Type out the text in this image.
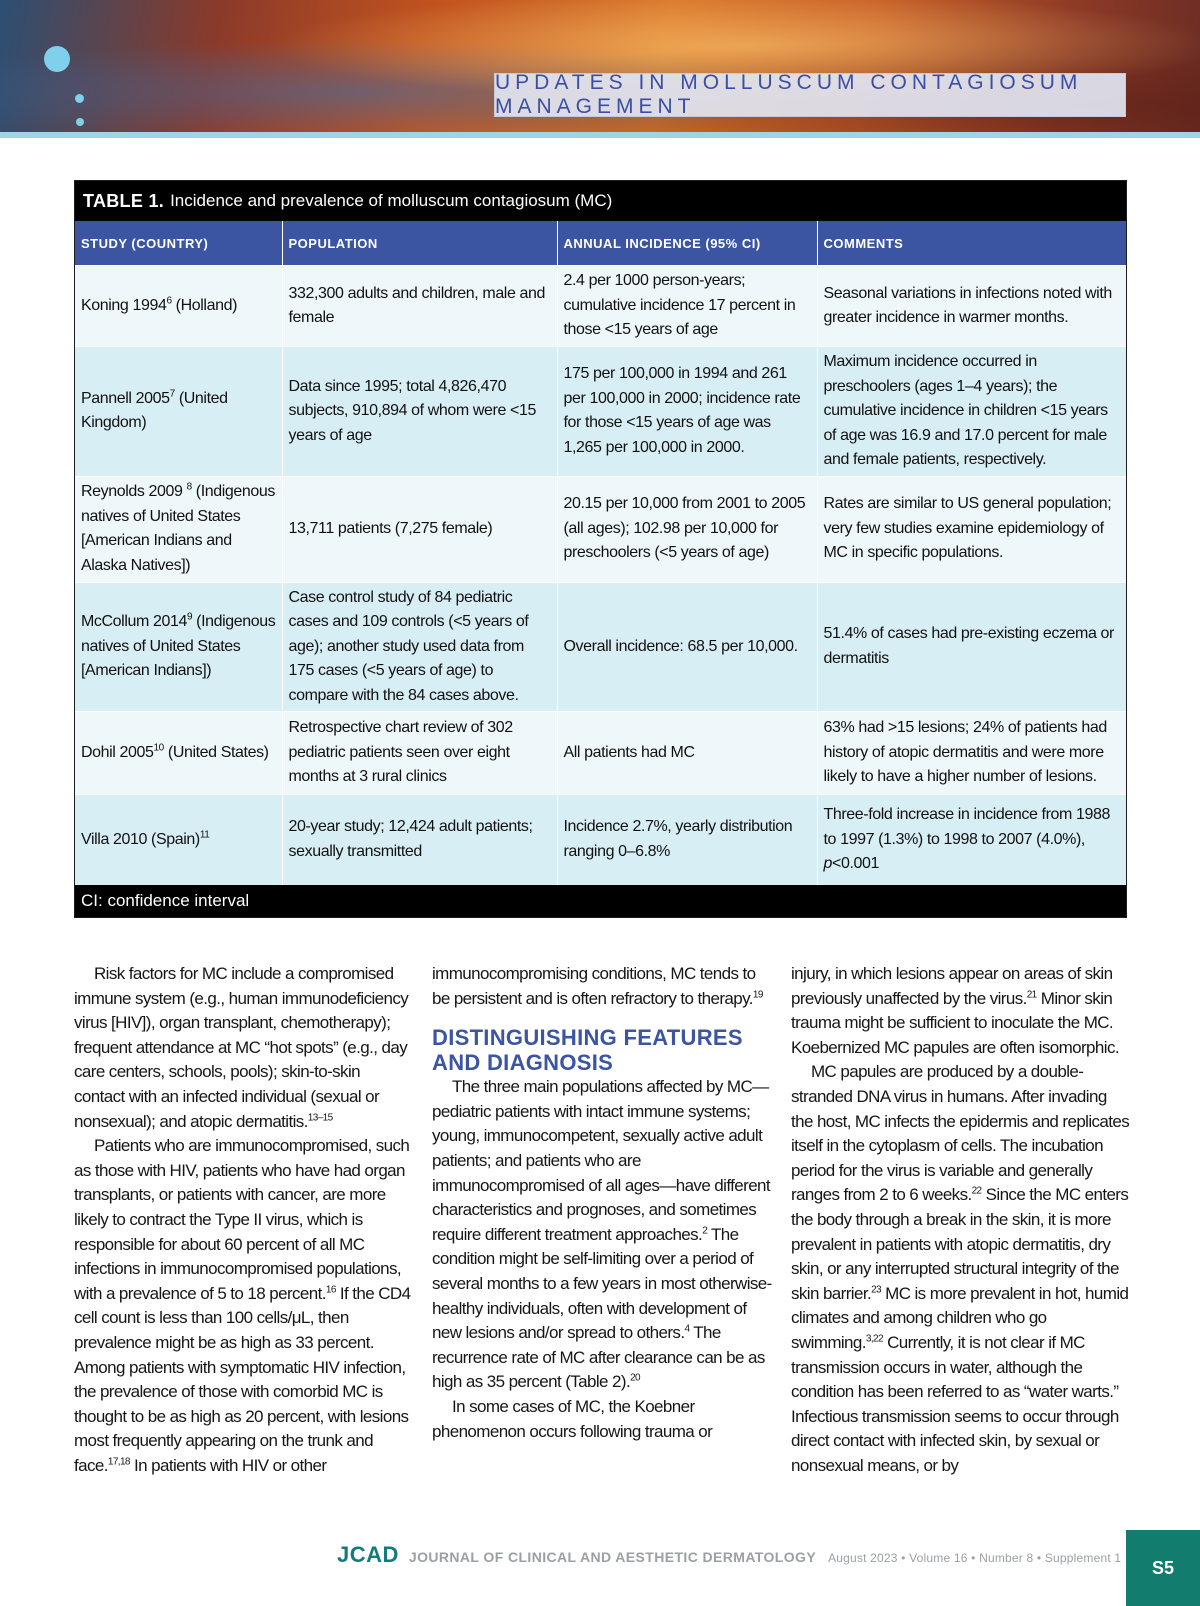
UPDATES IN MOLLUSCUM CONTAGIOSUM MANAGEMENT
TABLE 1. Incidence and prevalence of molluscum contagiosum (MC)
STUDY (COUNTRY)	POPULATION	ANNUAL INCIDENCE (95% CI)	COMMENTS
Koning 1994$^6$ (Holland)	332,300 adults and children, male and female	2.4 per 1000 person-years; cumulative incidence 17 percent in those <15 years of age	Seasonal variations in infections noted with greater incidence in warmer months.
Pannell 2005$^7$ (United Kingdom)	Data since 1995; total 4,826,470 subjects, 910,894 of whom were <15 years of age	175 per 100,000 in 1994 and 261 per 100,000 in 2000; incidence rate for those <15 years of age was 1,265 per 100,000 in 2000.	Maximum incidence occurred in preschoolers (ages 1–4 years); the cumulative incidence in children <15 years of age was 16.9 and 17.0 percent for male and female patients, respectively.
Reynolds 2009 $^8$ (Indigenous natives of United States [American Indians and Alaska Natives])	13,711 patients (7,275 female)	20.15 per 10,000 from 2001 to 2005 (all ages); 102.98 per 10,000 for preschoolers (<5 years of age)	Rates are similar to US general population; very few studies examine epidemiology of MC in specific populations.
McCollum 2014$^9$ (Indigenous natives of United States [American Indians])	Case control study of 84 pediatric cases and 109 controls (<5 years of age); another study used data from 175 cases (<5 years of age) to compare with the 84 cases above.	Overall incidence: 68.5 per 10,000.	51.4% of cases had pre-existing eczema or dermatitis
Dohil 2005$^{10}$ (United States)	Retrospective chart review of 302 pediatric patients seen over eight months at 3 rural clinics	All patients had MC	63% had >15 lesions; 24% of patients had history of atopic dermatitis and were more likely to have a higher number of lesions.
Villa 2010 (Spain)$^{11}$	20-year study; 12,424 adult patients; sexually transmitted	Incidence 2.7%, yearly distribution ranging 0–6.8%	Three-fold increase in incidence from 1988 to 1997 (1.3%) to 1998 to 2007 (4.0%), p<0.001
CI: confidence interval

Risk factors for MC include a compromised immune system (e.g., human immunodeficiency virus [HIV]), organ transplant, chemotherapy); frequent attendance at MC “hot spots” (e.g., day care centers, schools, pools); skin-to-skin contact with an infected individual (sexual or nonsexual); and atopic dermatitis.$^{13-15}$

Patients who are immunocompromised, such as those with HIV, patients who have had organ transplants, or patients with cancer, are more likely to contract the Type II virus, which is responsible for about 60 percent of all MC infections in immunocompromised populations, with a prevalence of 5 to 18 percent.$^{16}$ If the CD4 cell count is less than 100 cells/μL, then prevalence might be as high as 33 percent. Among patients with symptomatic HIV infection, the prevalence of those with comorbid MC is thought to be as high as 20 percent, with lesions most frequently appearing on the trunk and face.$^{17,18}$ In patients with HIV or other

immunocompromising conditions, MC tends to be persistent and is often refractory to therapy.$^{19}$

DISTINGUISHING FEATURES AND DIAGNOSIS

The three main populations affected by MC—pediatric patients with intact immune systems; young, immunocompetent, sexually active adult patients; and patients who are immunocompromised of all ages—have different characteristics and prognoses, and sometimes require different treatment approaches.$^2$ The condition might be self-limiting over a period of several months to a few years in most otherwise-healthy individuals, often with development of new lesions and/or spread to others.$^4$ The recurrence rate of MC after clearance can be as high as 35 percent (Table 2).$^{20}$

In some cases of MC, the Koebner phenomenon occurs following trauma or

injury, in which lesions appear on areas of skin previously unaffected by the virus.$^{21}$ Minor skin trauma might be sufficient to inoculate the MC. Koebernized MC papules are often isomorphic.

MC papules are produced by a double-stranded DNA virus in humans. After invading the host, MC infects the epidermis and replicates itself in the cytoplasm of cells. The incubation period for the virus is variable and generally ranges from 2 to 6 weeks.$^{22}$ Since the MC enters the body through a break in the skin, it is more prevalent in patients with atopic dermatitis, dry skin, or any interrupted structural integrity of the skin barrier.$^{23}$ MC is more prevalent in hot, humid climates and among children who go swimming.$^{3,22}$ Currently, it is not clear if MC transmission occurs in water, although the condition has been referred to as “water warts.” Infectious transmission seems to occur through direct contact with infected skin, by sexual or nonsexual means, or by

JCAD JOURNAL OF CLINICAL AND AESTHETIC DERMATOLOGY August 2023 • Volume 16 • Number 8 • Supplement 1	S5
